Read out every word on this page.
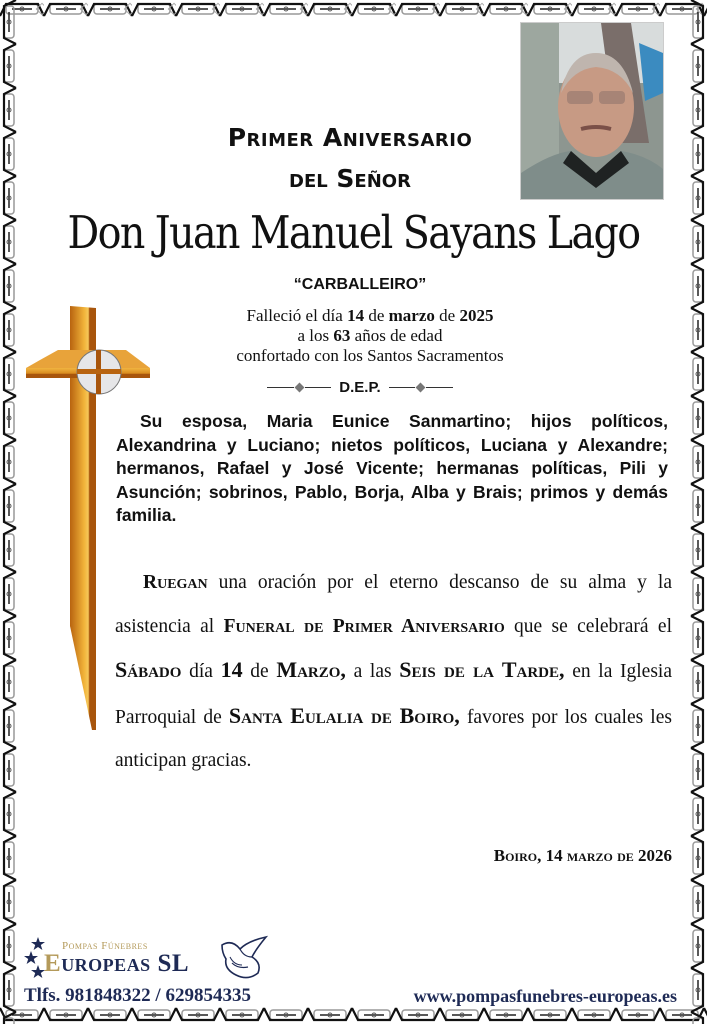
Primer Aniversario
del Señor
Don Juan Manuel Sayans Lago
“CARBALLEIRO”
Falleció el día 14 de marzo de 2025
a los 63 años de edad
confortado con los Santos Sacramentos
D.E.P.
Su esposa, Maria Eunice Sanmartino; hijos políticos, Alexandrina y Luciano; nietos políticos, Luciana y Alexandre; hermanos, Rafael y José Vicente; hermanas políticas, Pili y Asunción; sobrinos, Pablo, Borja, Alba y Brais; primos y demás familia.
Ruegan una oración por el eterno descanso de su alma y la asistencia al Funeral de Primer Aniversario que se celebrará el Sábado día 14 de Marzo, a las Seis de la Tarde, en la Iglesia Parroquial de Santa Eulalia de Boiro, favores por los cuales les anticipan gracias.
Boiro, 14 marzo de 2026
Pompas Fúnebres
Europeas SL
Tlfs. 981848322 / 629854335	www.pompasfunebres-europeas.es
